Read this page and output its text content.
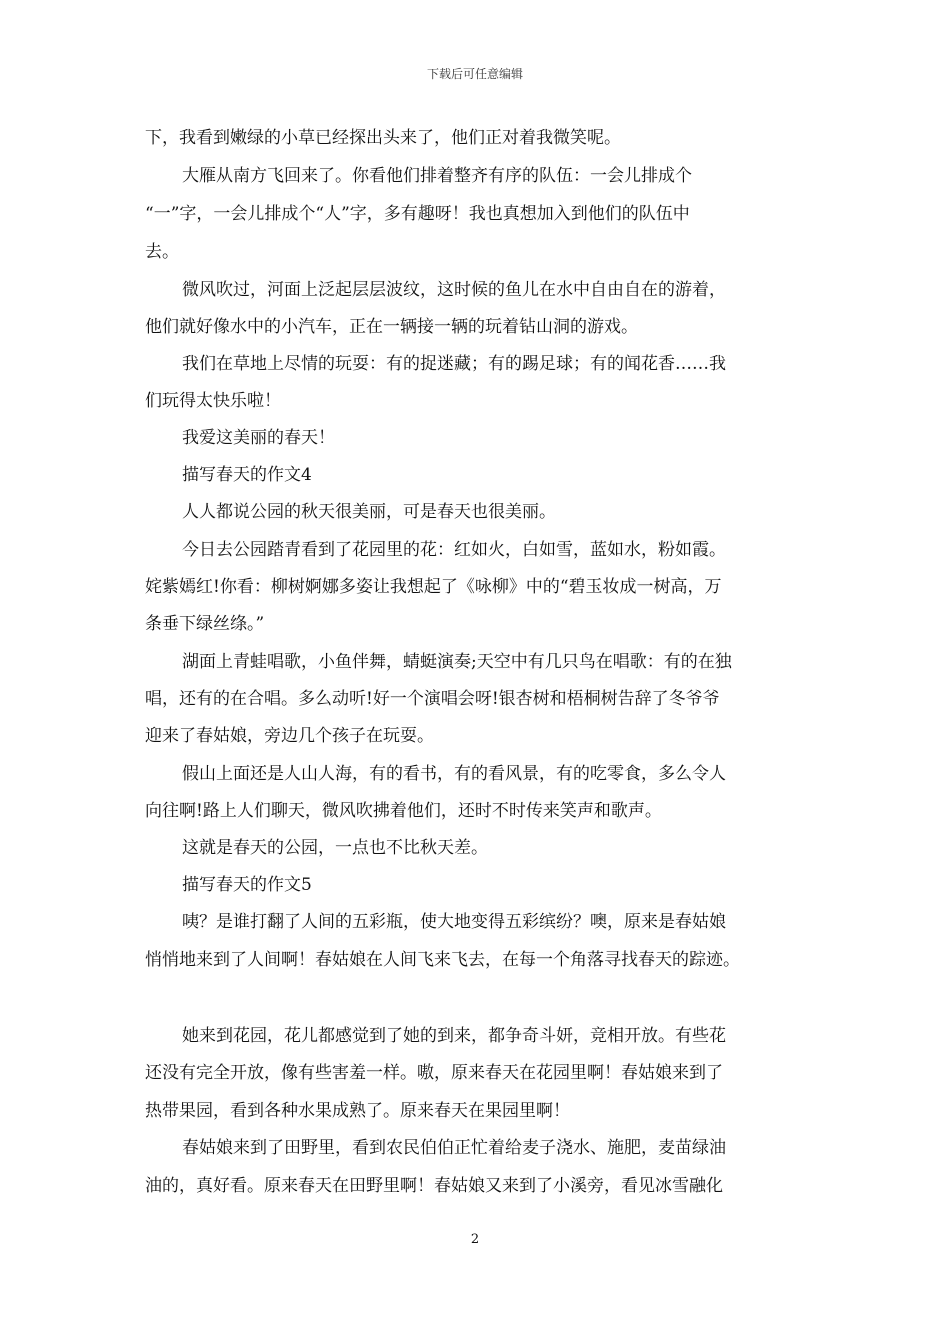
下载后可任意编辑
下，我看到嫩绿的小草已经探出头来了，他们正对着我微笑呢。
大雁从南方飞回来了。你看他们排着整齐有序的队伍：一会儿排成个
“一”字，一会儿排成个“人”字，多有趣呀！我也真想加入到他们的队伍中
去。
微风吹过，河面上泛起层层波纹，这时候的鱼儿在水中自由自在的游着，
他们就好像水中的小汽车，正在一辆接一辆的玩着钻山洞的游戏。
我们在草地上尽情的玩耍：有的捉迷藏；有的踢足球；有的闻花香……我
们玩得太快乐啦！
我爱这美丽的春天！
描写春天的作文4
人人都说公园的秋天很美丽，可是春天也很美丽。
今日去公园踏青看到了花园里的花：红如火，白如雪，蓝如水，粉如霞。
姹紫嫣红!你看：柳树婀娜多姿让我想起了《咏柳》中的“碧玉妆成一树高，万
条垂下绿丝绦。”
湖面上青蛙唱歌，小鱼伴舞，蜻蜓演奏;天空中有几只鸟在唱歌：有的在独
唱，还有的在合唱。多么动听!好一个演唱会呀!银杏树和梧桐树告辞了冬爷爷
迎来了春姑娘，旁边几个孩子在玩耍。
假山上面还是人山人海，有的看书，有的看风景，有的吃零食，多么令人
向往啊!路上人们聊天，微风吹拂着他们，还时不时传来笑声和歌声。
这就是春天的公园，一点也不比秋天差。
描写春天的作文5
咦？是谁打翻了人间的五彩瓶，使大地变得五彩缤纷？噢，原来是春姑娘
悄悄地来到了人间啊！春姑娘在人间飞来飞去，在每一个角落寻找春天的踪迹。
她来到花园，花儿都感觉到了她的到来，都争奇斗妍，竞相开放。有些花
还没有完全开放，像有些害羞一样。嗷，原来春天在花园里啊！春姑娘来到了
热带果园，看到各种水果成熟了。原来春天在果园里啊！
春姑娘来到了田野里，看到农民伯伯正忙着给麦子浇水、施肥，麦苗绿油
油的，真好看。原来春天在田野里啊！春姑娘又来到了小溪旁，看见冰雪融化
2
